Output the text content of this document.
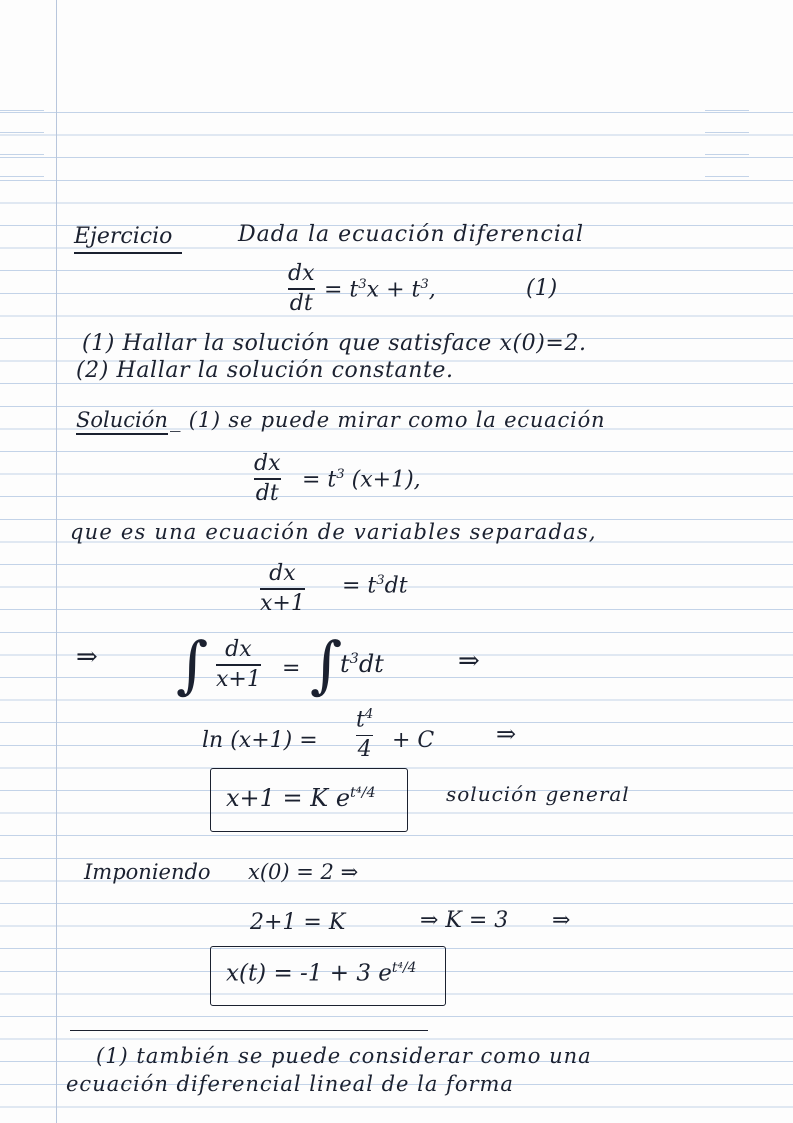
Ejercicio	Dada la ecuación diferencial
dx
dt
= $t^3x + t^3$,	(1)
(1) Hallar la solución que satisface x(0)=2.
(2) Hallar la solución constante.
Solución _ (1) se puede mirar como la ecuación
dx
dt
= $t^3$ (x+1),
que es una ecuación de variables separadas,
dx
x+1
= $t^3dt$
⇒ ∫ dx
x+1 = ∫
$t^3dt$	⇒
ln (x+1) =
$t^4$
4 + C	⇒
x+1 = K $e^{t^4/4}$	solución general
Imponiendo x(0) = 2 ⇒
2+1 = K	⇒ K = 3 ⇒
x(t) = -1 + 3 $e^{t^4/4}$
(1) también se puede considerar como una
ecuación diferencial lineal de la forma
